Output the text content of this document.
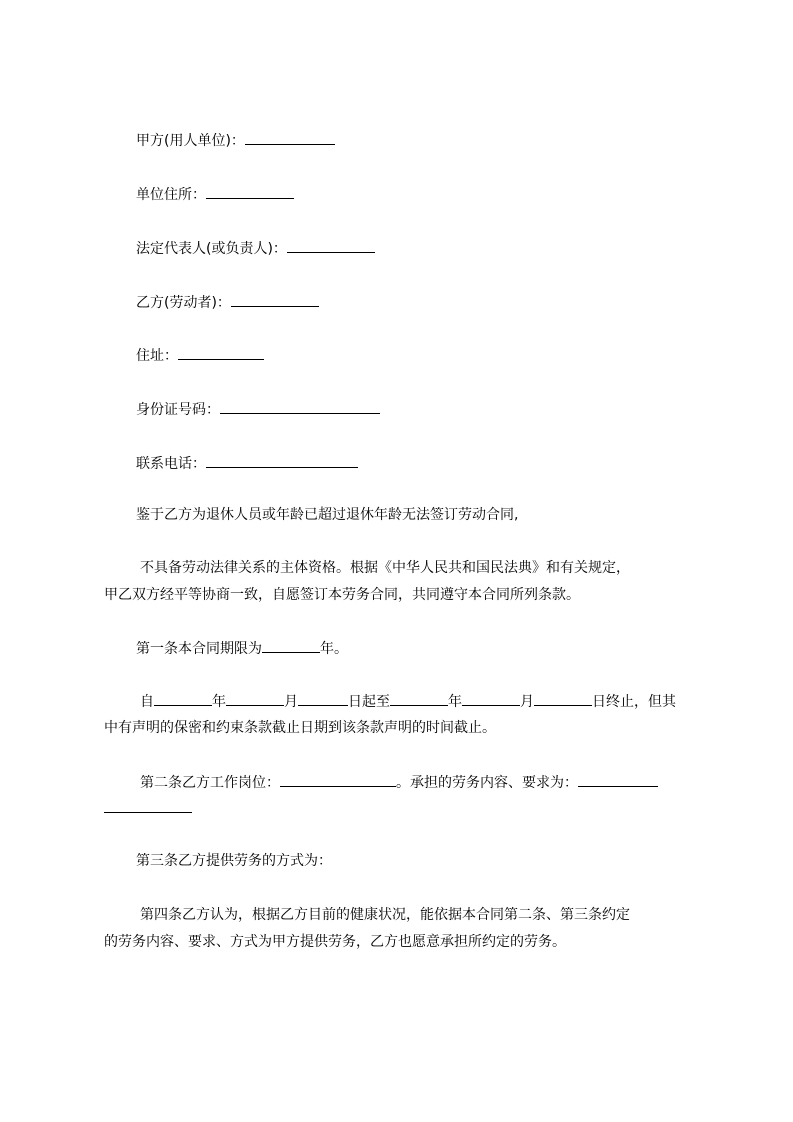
甲方(用人单位)：
单位住所：
法定代表人(或负责人)：
乙方(劳动者)：
住址：
身份证号码：
联系电话：
鉴于乙方为退休人员或年龄已超过退休年龄无法签订劳动合同,
不具备劳动法律关系的主体资格。根据《中华人民共和国民法典》和有关规定，
甲乙双方经平等协商一致，自愿签订本劳务合同，共同遵守本合同所列条款。
第一条本合同期限为	年。
自	年	月	日起至	年	月	日终止，但其
中有声明的保密和约束条款截止日期到该条款声明的时间截止。
第二条乙方工作岗位：	。承担的劳务内容、要求为：
第三条乙方提供劳务的方式为：
第四条乙方认为，根据乙方目前的健康状况，能依据本合同第二条、第三条约定
的劳务内容、要求、方式为甲方提供劳务，乙方也愿意承担所约定的劳务。
